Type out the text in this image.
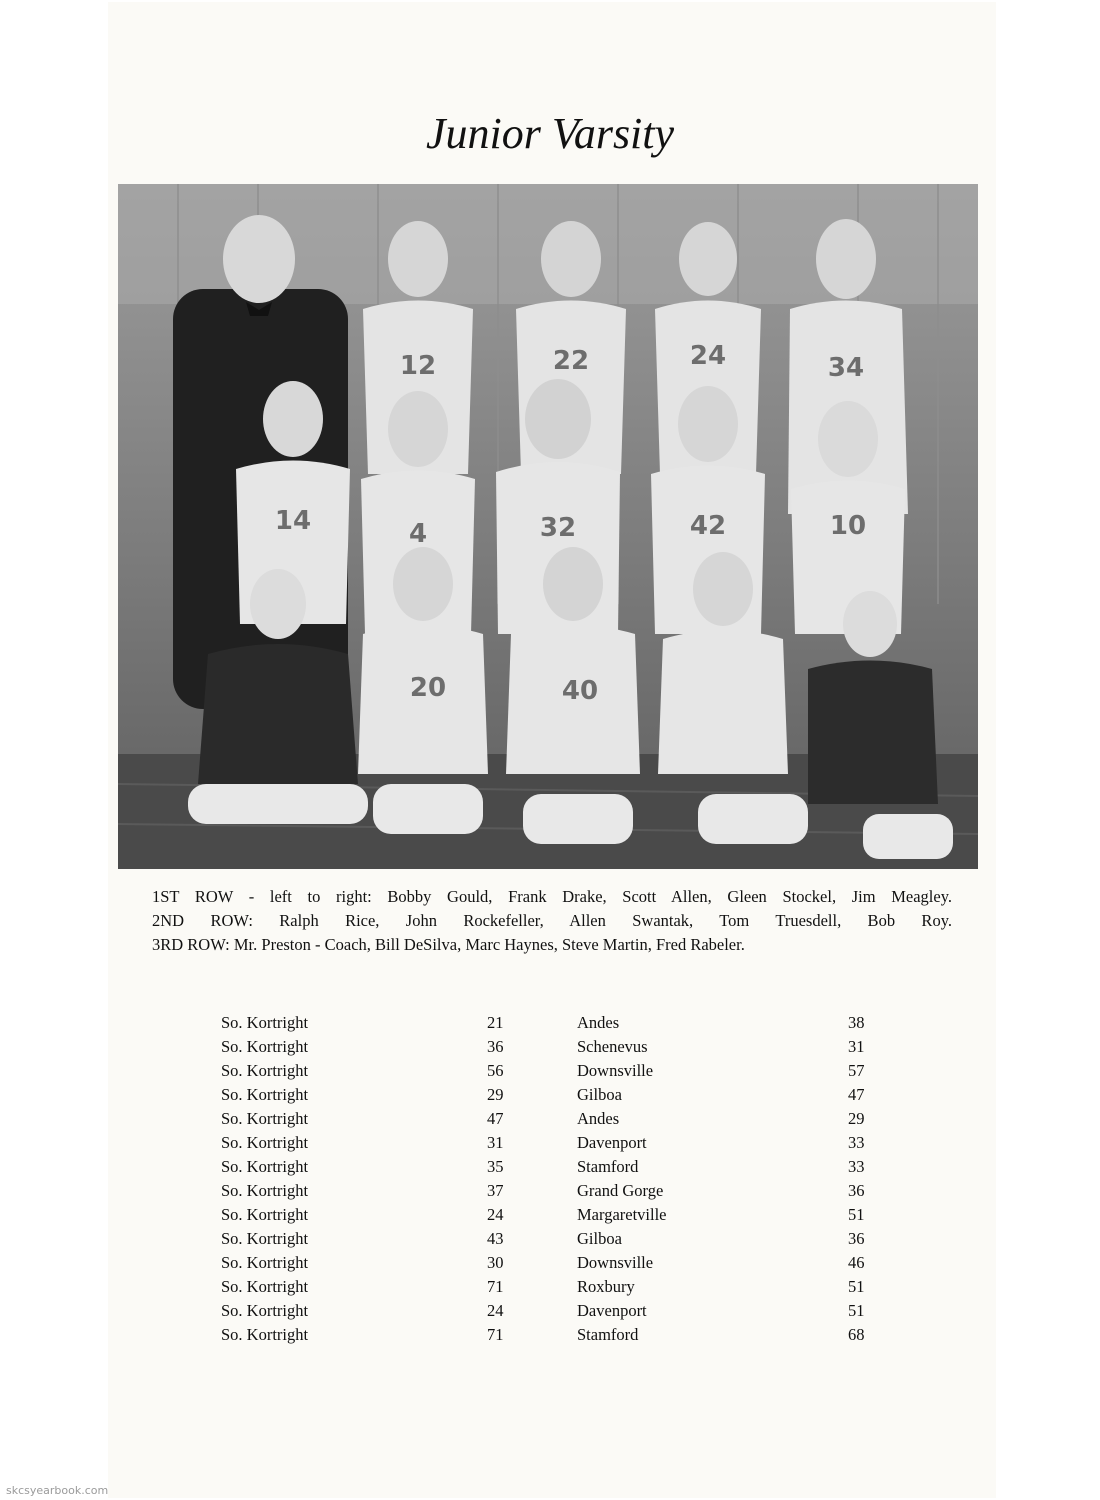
Junior Varsity
12	22	24	34
14	4	32	42	10
20	40
1ST ROW - left to right: Bobby Gould, Frank Drake, Scott Allen, Gleen Stockel, Jim Meagley. 2ND ROW: Ralph Rice, John Rockefeller, Allen Swantak, Tom Truesdell, Bob Roy. 3RD ROW: Mr. Preston - Coach, Bill DeSilva, Marc Haynes, Steve Martin, Fred Rabeler.
So. Kortright	21	Andes	38
So. Kortright	36	Schenevus	31
So. Kortright	56	Downsville	57
So. Kortright	29	Gilboa	47
So. Kortright	47	Andes	29
So. Kortright	31	Davenport	33
So. Kortright	35	Stamford	33
So. Kortright	37	Grand Gorge	36
So. Kortright	24	Margaretville	51
So. Kortright	43	Gilboa	36
So. Kortright	30	Downsville	46
So. Kortright	71	Roxbury	51
So. Kortright	24	Davenport	51
So. Kortright	71	Stamford	68
skcsyearbook.com
